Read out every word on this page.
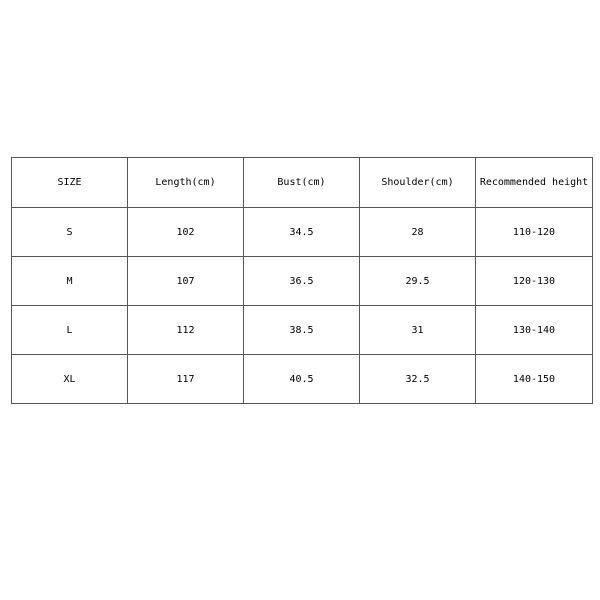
SIZE	Length(cm)	Bust(cm)	Shoulder(cm)	Recommended height
S	102	34.5	28	110-120
M	107	36.5	29.5	120-130
L	112	38.5	31	130-140
XL	117	40.5	32.5	140-150
